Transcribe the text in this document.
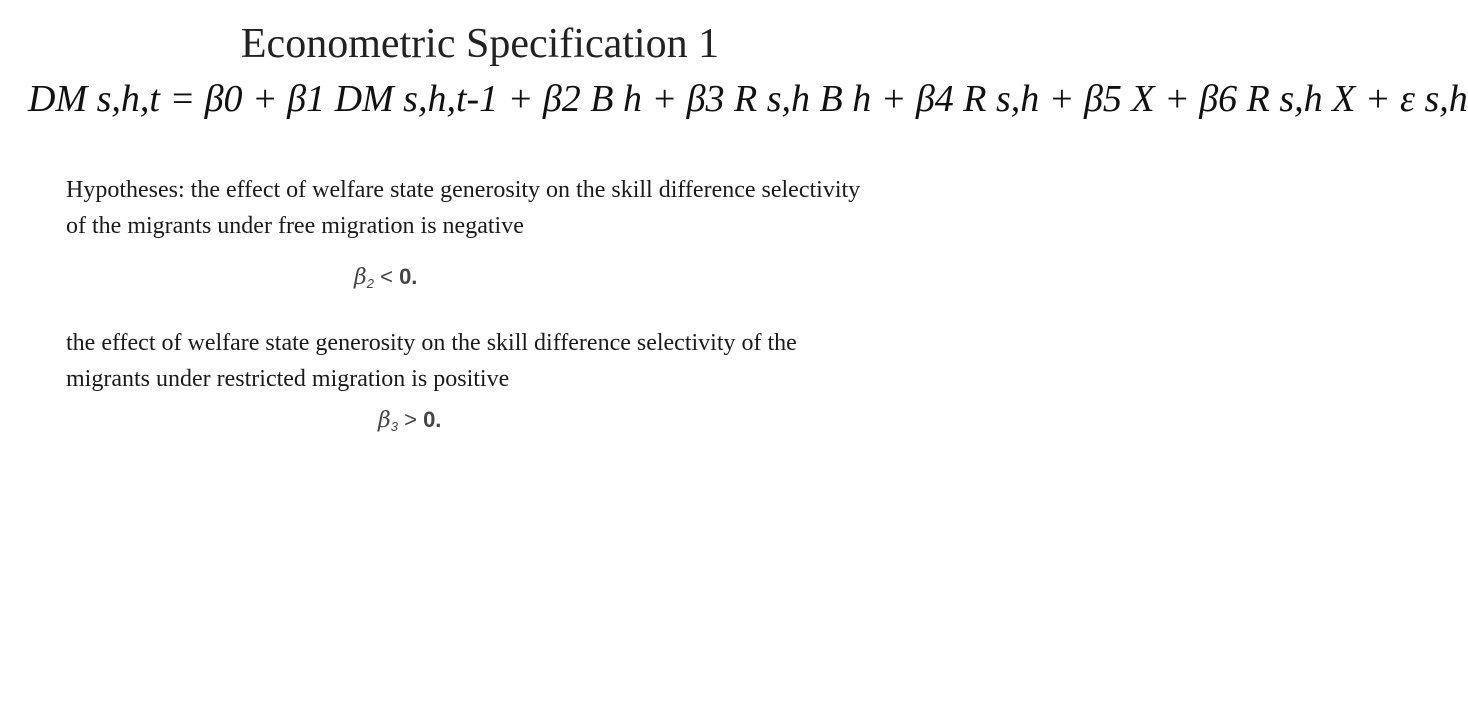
Econometric Specification 1
DM s,h,t = β0 + β1 DM s,h,t-1 + β2 B h + β3 R s,h B h + β4 R s,h + β5 X + β6 R s,h X + ε s,h
Hypotheses: the effect of welfare state generosity on the skill difference selectivity of the migrants under free migration is negative
$\beta_2 < 0$.
the effect of welfare state generosity on the skill difference selectivity of the migrants under restricted migration is positive
$\beta_3 > 0$.
